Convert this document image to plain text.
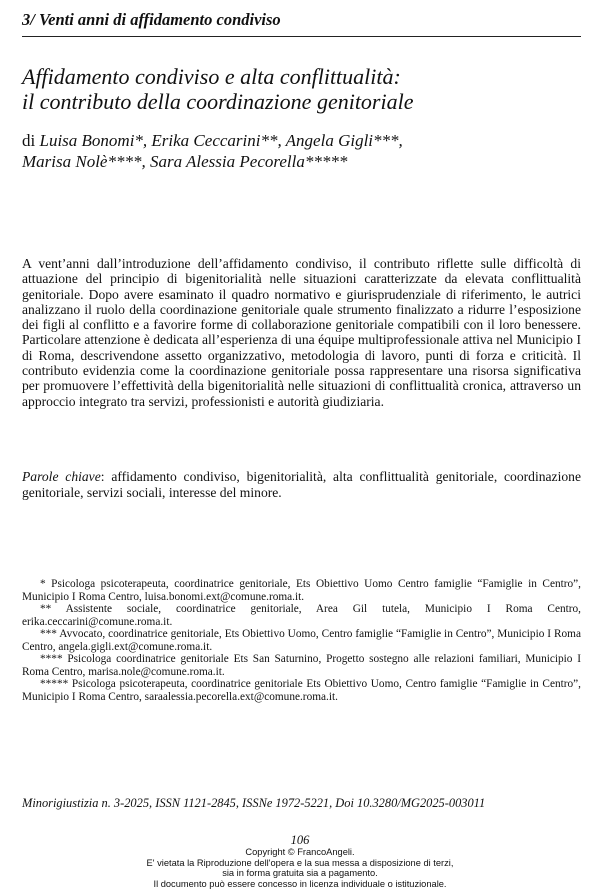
3/ Venti anni di affidamento condiviso
Affidamento condiviso e alta conflittualità:
il contributo della coordinazione genitoriale
di Luisa Bonomi*, Erika Ceccarini**, Angela Gigli***,
Marisa Nolè****, Sara Alessia Pecorella*****

A vent’anni dall’introduzione dell’affidamento condiviso, il contributo riflette sulle difficoltà di attuazione del principio di bigenitorialità nelle situazioni caratterizzate da elevata conflittualità genitoriale. Dopo avere esaminato il quadro normativo e giurisprudenziale di riferimento, le autrici analizzano il ruolo della coordinazione genitoriale quale strumento finalizzato a ridurre l’esposizione dei figli al conflitto e a favorire forme di collaborazione genitoriale compatibili con il loro benessere. Particolare attenzione è dedicata all’esperienza di una équipe multiprofessionale attiva nel Municipio I di Roma, descrivendone assetto organizzativo, metodologia di lavoro, punti di forza e criticità. Il contributo evidenzia come la coordinazione genitoriale possa rappresentare una risorsa significativa per promuovere l’effettività della bigenitorialità nelle situazioni di conflittualità cronica, attraverso un approccio integrato tra servizi, professionisti e autorità giudiziaria.

Parole chiave: affidamento condiviso, bigenitorialità, alta conflittualità genitoriale, coordinazione genitoriale, servizi sociali, interesse del minore.

* Psicologa psicoterapeuta, coordinatrice genitoriale, Ets Obiettivo Uomo Centro famiglie “Famiglie in Centro”, Municipio I Roma Centro, luisa.bonomi.ext@comune.roma.it.

** Assistente sociale, coordinatrice genitoriale, Area Gil tutela, Municipio I Roma Centro, erika.ceccarini@comune.roma.it.

*** Avvocato, coordinatrice genitoriale, Ets Obiettivo Uomo, Centro famiglie “Famiglie in Centro”, Municipio I Roma Centro, angela.gigli.ext@comune.roma.it.

**** Psicologa coordinatrice genitoriale Ets San Saturnino, Progetto sostegno alle relazioni familiari, Municipio I Roma Centro, marisa.nole@comune.roma.it.

***** Psicologa psicoterapeuta, coordinatrice genitoriale Ets Obiettivo Uomo, Centro famiglie “Famiglie in Centro”, Municipio I Roma Centro, saraalessia.pecorella.ext@comune.roma.it.

Minorigiustizia n. 3-2025, ISSN 1121-2845, ISSNe 1972-5221, Doi 10.3280/MG2025-003011
106
Copyright © FrancoAngeli.
E' vietata la Riproduzione dell'opera e la sua messa a disposizione di terzi,
sia in forma gratuita sia a pagamento.
Il documento può essere concesso in licenza individuale o istituzionale.
